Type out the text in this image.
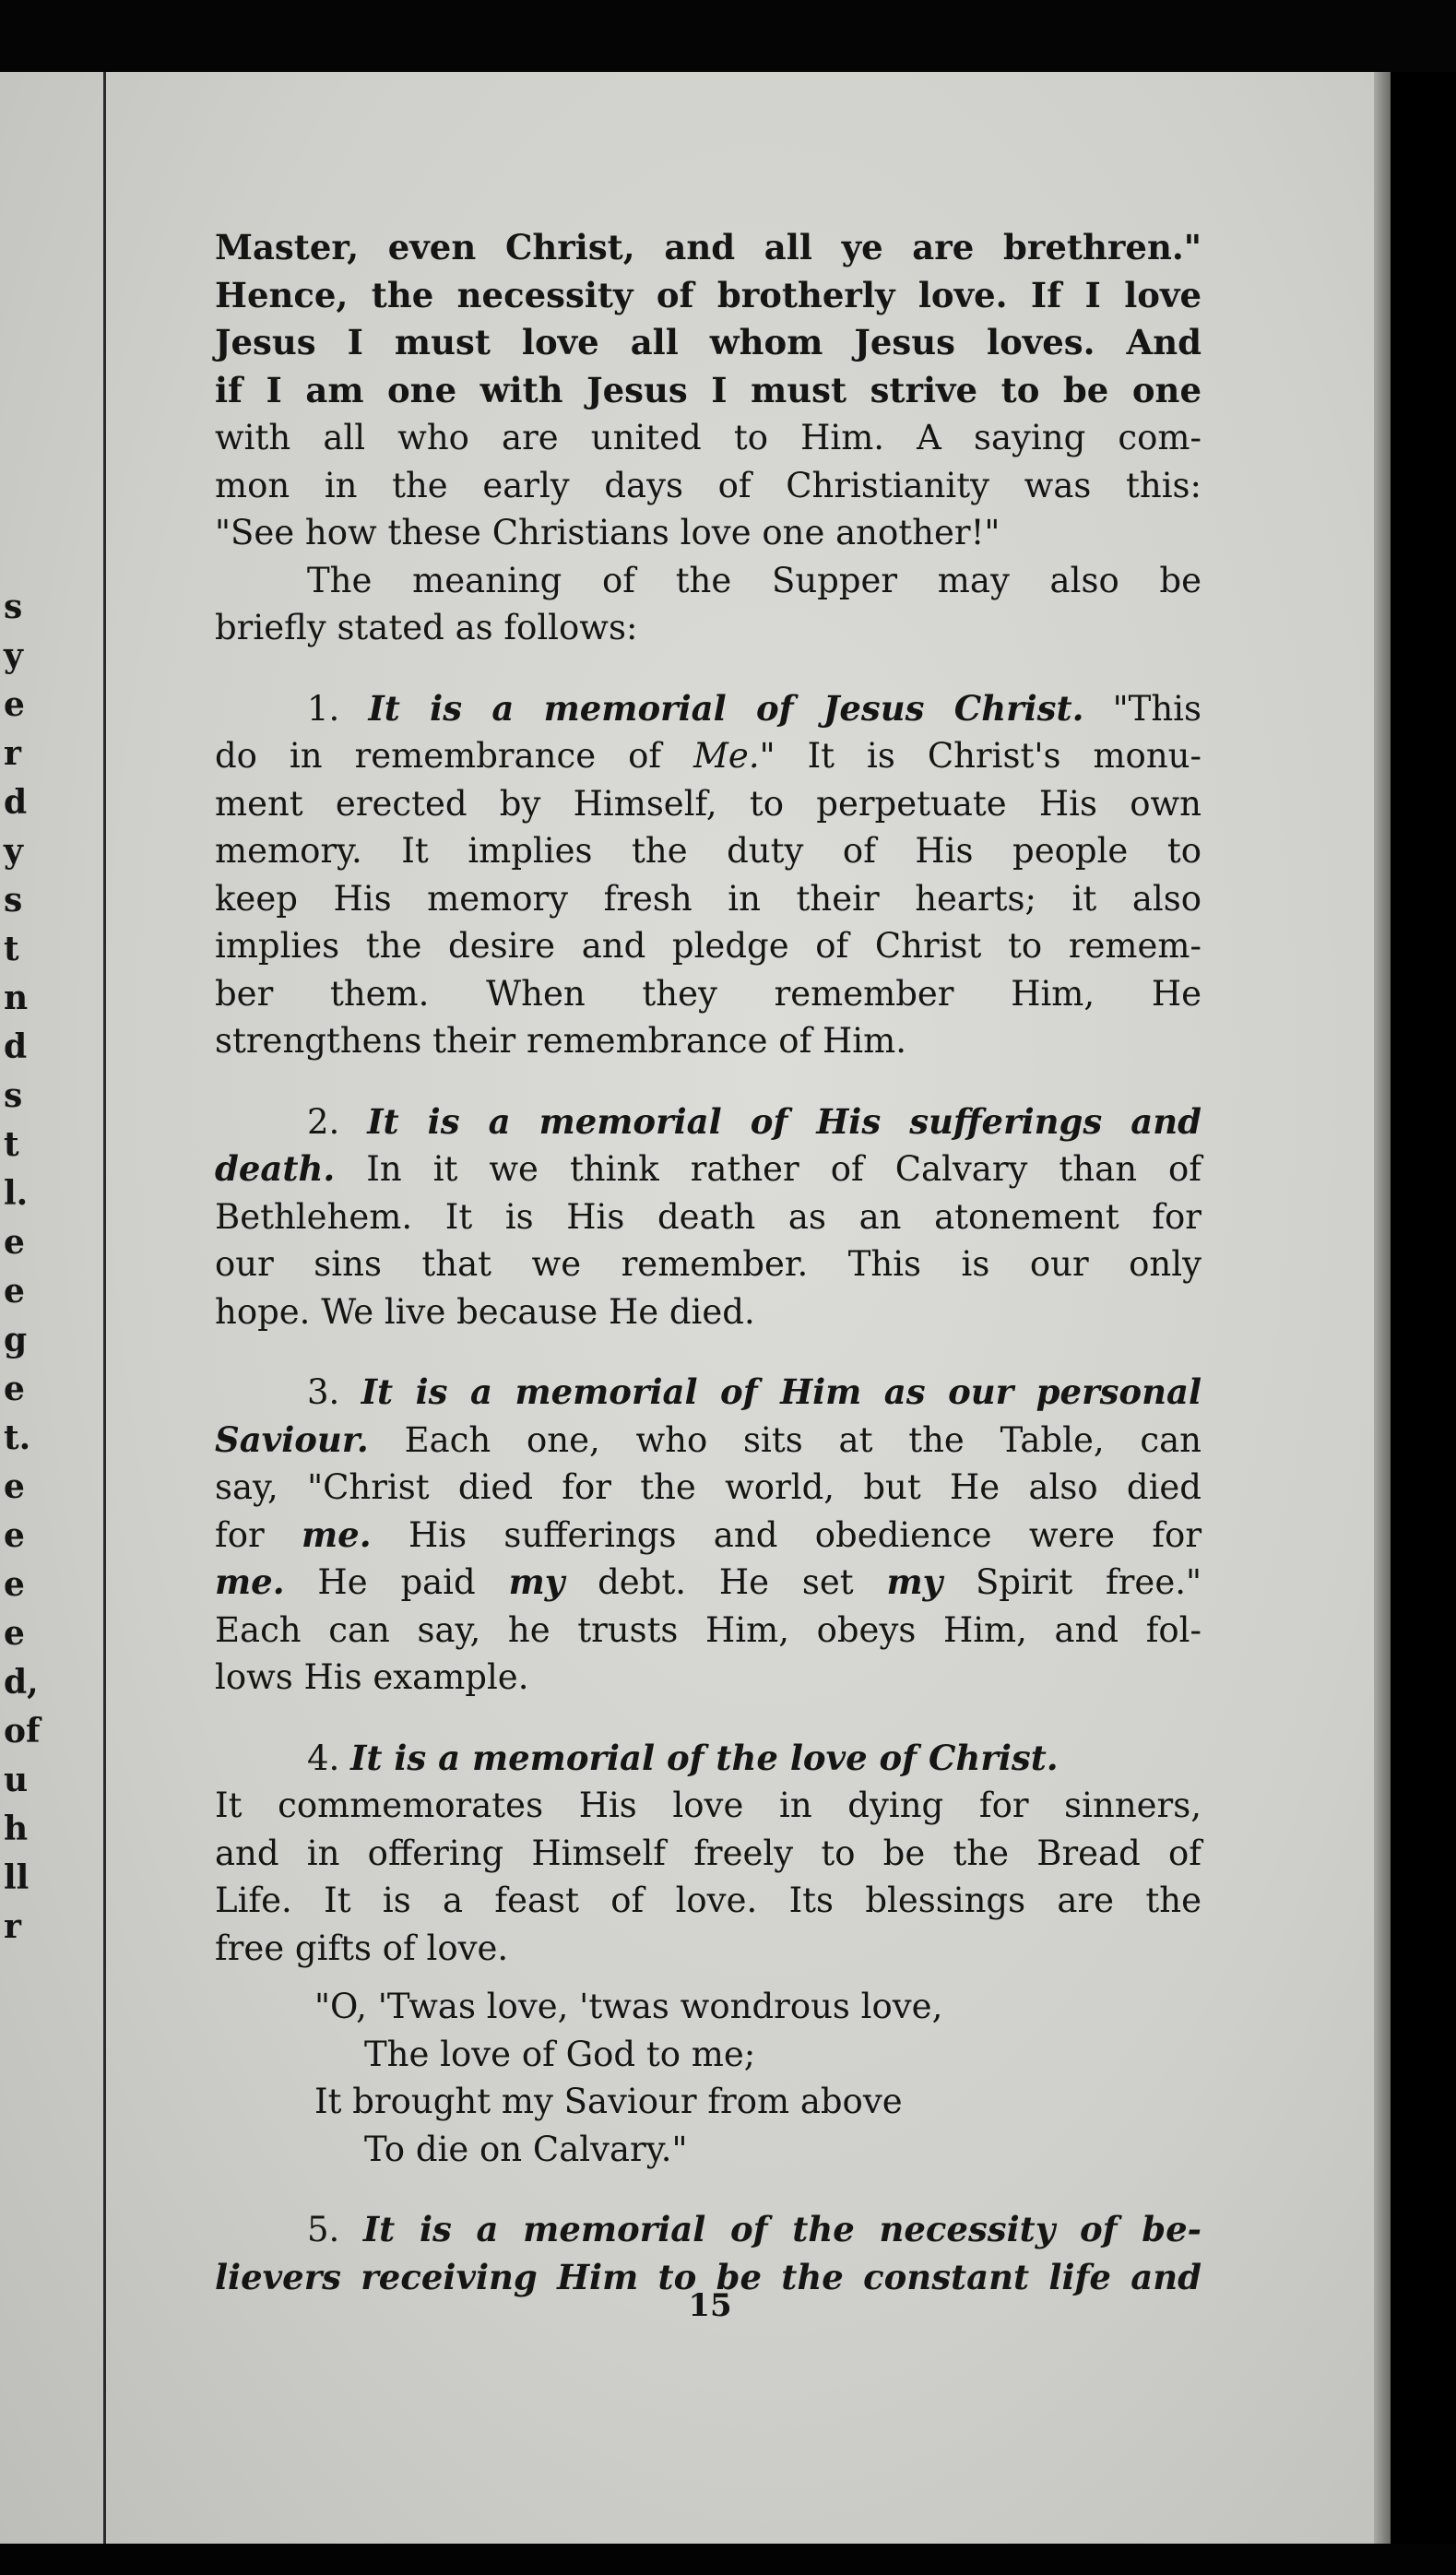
s
y
e
r
d
y
s
t
n
d
s
t
l.
e
e
g
e
t.
e
e
e
e
d,
of
u
h
ll
r
Master, even Christ, and all ye are brethren."
Hence, the necessity of brotherly love. If I love
Jesus I must love all whom Jesus loves. And
if I am one with Jesus I must strive to be one
with all who are united to Him. A saying com-
mon in the early days of Christianity was this:
"See how these Christians love one another!"
The meaning of the Supper may also be
briefly stated as follows:
1. It is a memorial of Jesus Christ. "This
do in remembrance of Me." It is Christ's monu-
ment erected by Himself, to perpetuate His own
memory. It implies the duty of His people to
keep His memory fresh in their hearts; it also
implies the desire and pledge of Christ to remem-
ber them. When they remember Him, He
strengthens their remembrance of Him.
2. It is a memorial of His sufferings and
death. In it we think rather of Calvary than of
Bethlehem. It is His death as an atonement for
our sins that we remember. This is our only
hope. We live because He died.
3. It is a memorial of Him as our personal
Saviour. Each one, who sits at the Table, can
say, "Christ died for the world, but He also died
for me. His sufferings and obedience were for
me. He paid my debt. He set my Spirit free."
Each can say, he trusts Him, obeys Him, and fol-
lows His example.
4. It is a memorial of the love of Christ.
It commemorates His love in dying for sinners,
and in offering Himself freely to be the Bread of
Life. It is a feast of love. Its blessings are the
free gifts of love.
"O, 'Twas love, 'twas wondrous love,
The love of God to me;
It brought my Saviour from above
To die on Calvary."
5. It is a memorial of the necessity of be-
lievers receiving Him to be the constant life and
15
